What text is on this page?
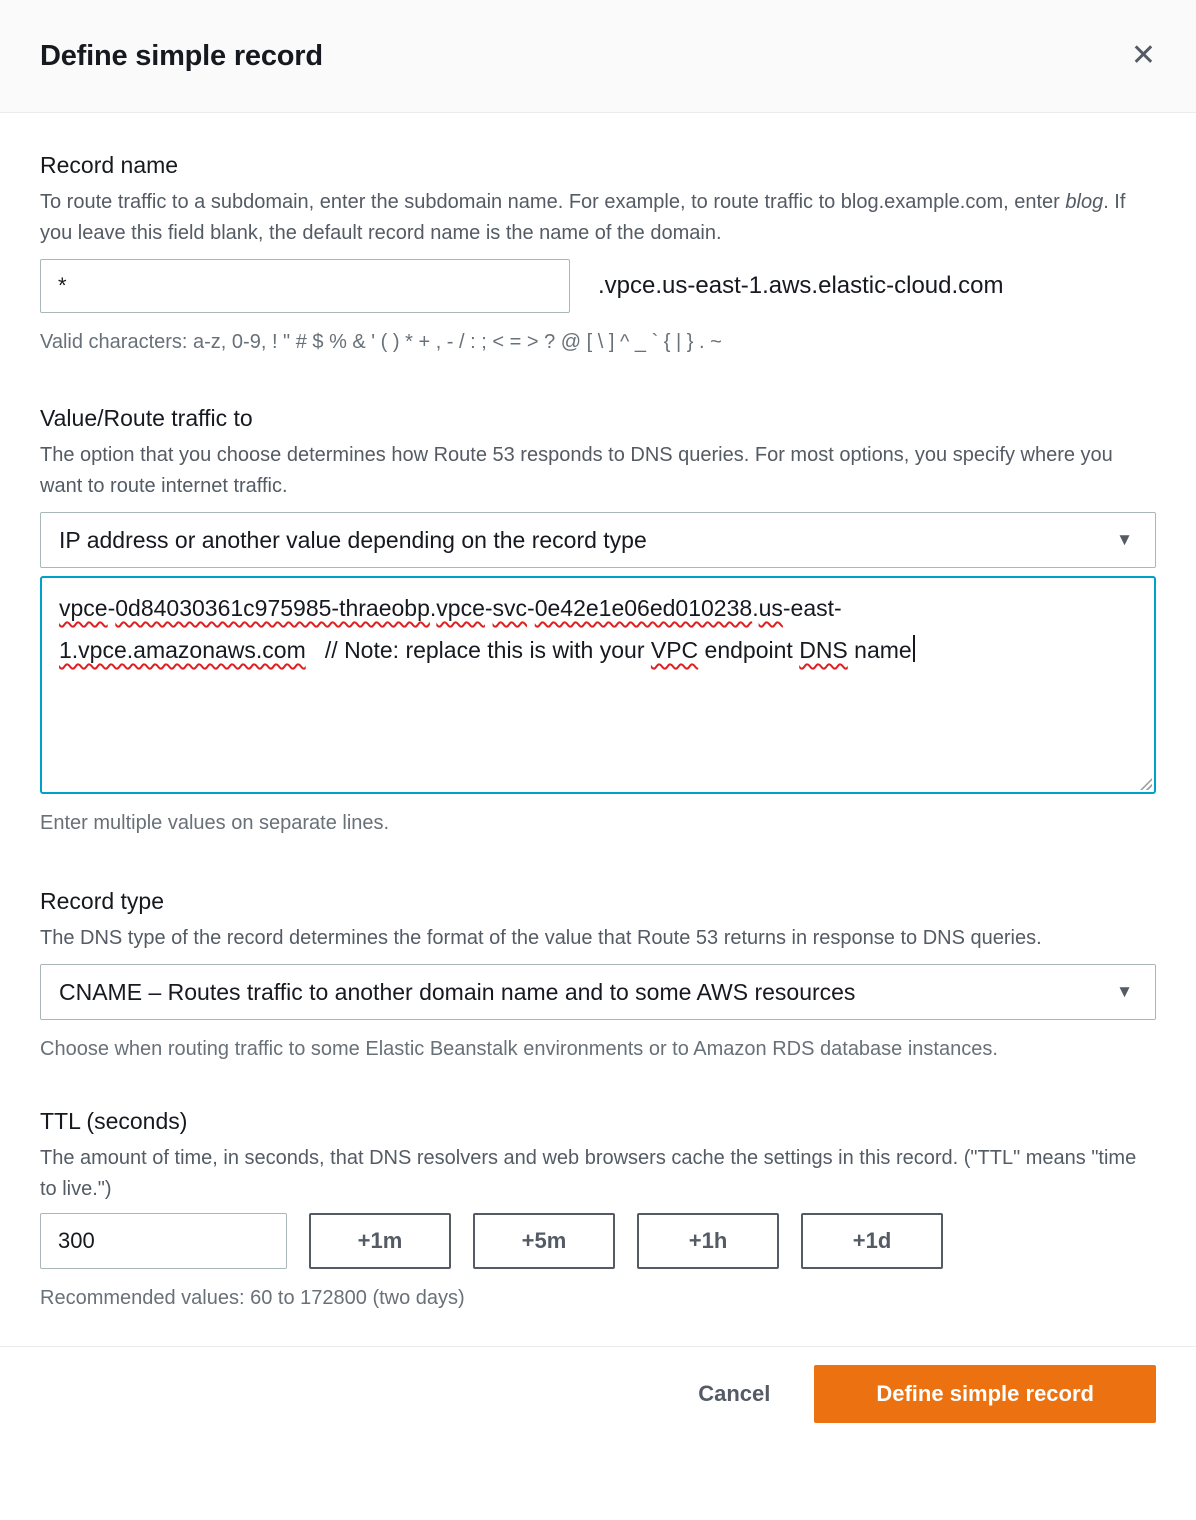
Define simple record	✕
Record name

To route traffic to a subdomain, enter the subdomain name. For example, to route traffic to blog.example.com, enter blog. If you leave this field blank, the default record name is the name of the domain.

*
.vpce.us-east-1.aws.elastic-cloud.com

Valid characters: a-z, 0-9, ! " # $ % & ' ( ) * + , - / : ; < = > ? @ [ \ ] ^ _ ` { | } . ~

Value/Route traffic to

The option that you choose determines how Route 53 responds to DNS queries. For most options, you specify where you want to route internet traffic.

IP address or another value depending on the record type	▼
vpce-0d84030361c975985-thraeobp.vpce-svc-0e42e1e06ed010238.us-east-
1.vpce.amazonaws.com   // Note: replace this is with your VPC endpoint DNS name

Enter multiple values on separate lines.

Record type

The DNS type of the record determines the format of the value that Route 53 returns in response to DNS queries.

CNAME – Routes traffic to another domain name and to some AWS resources	▼

Choose when routing traffic to some Elastic Beanstalk environments or to Amazon RDS database instances.

TTL (seconds)

The amount of time, in seconds, that DNS resolvers and web browsers cache the settings in this record. ("TTL" means "time to live.")

300
+1m	+5m	+1h	+1d

Recommended values: 60 to 172800 (two days)

Cancel	Define simple record
